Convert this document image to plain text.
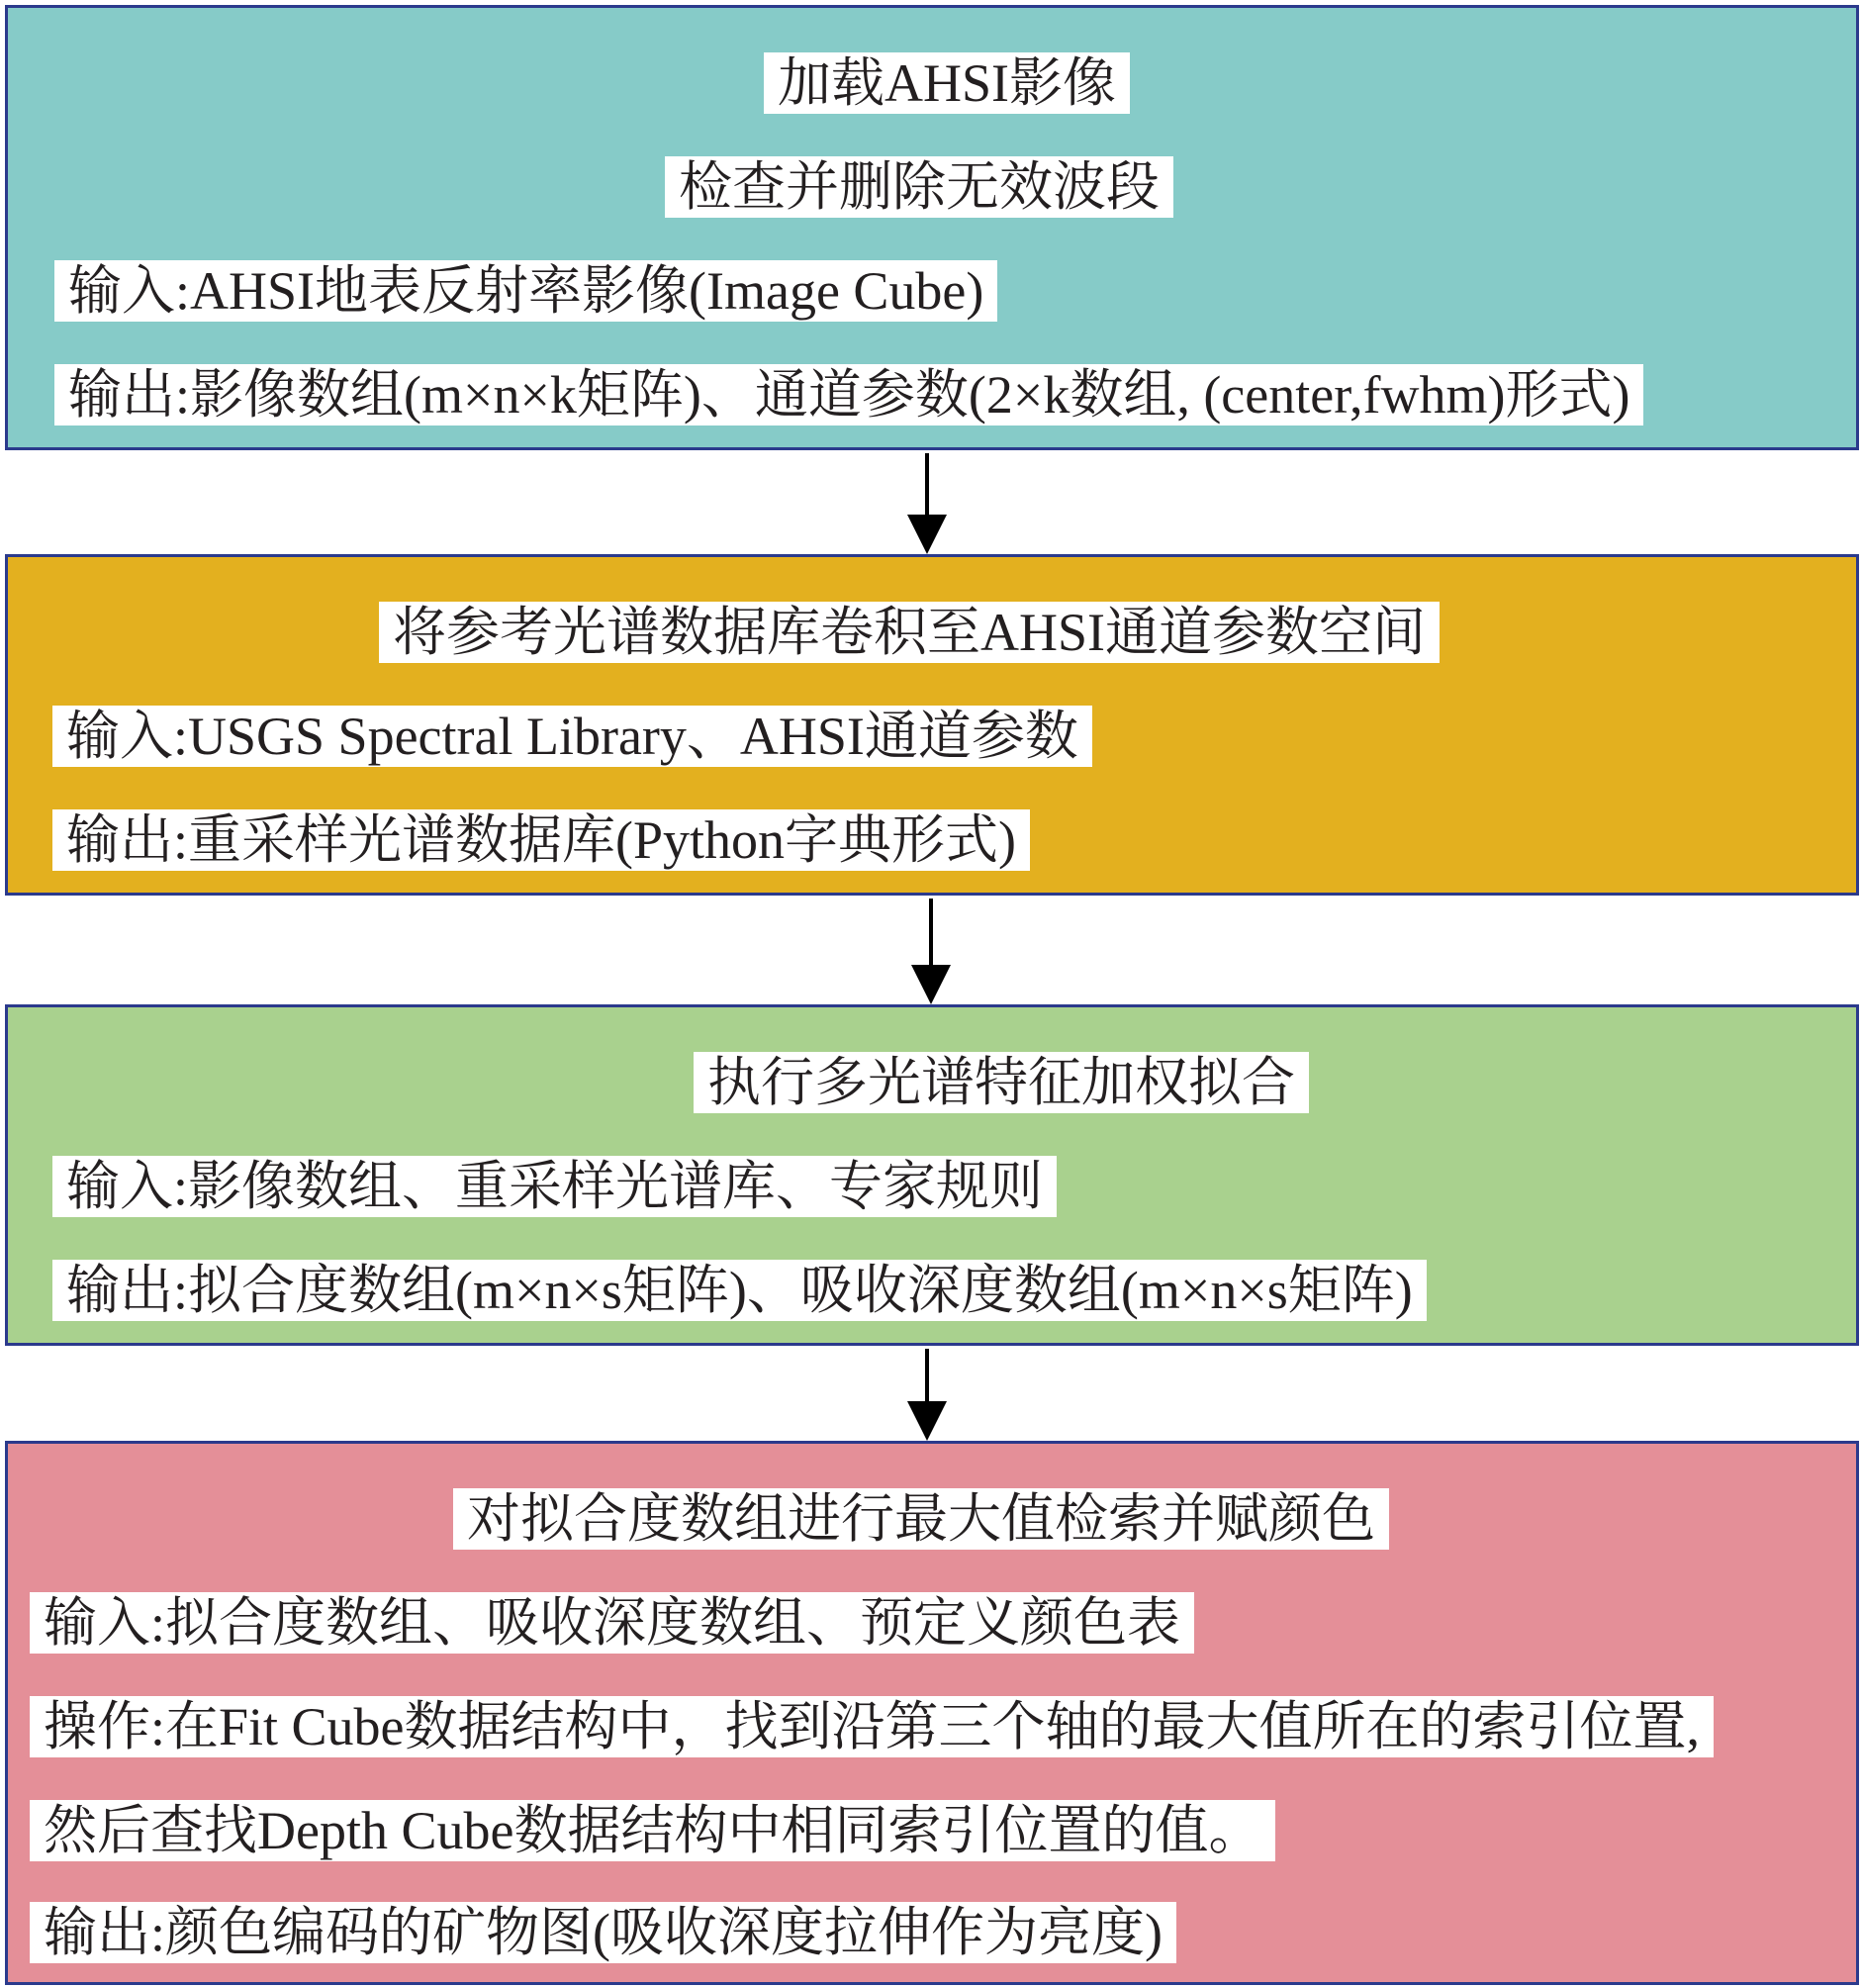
加载AHSI影像
检查并删除无效波段
输入:AHSI地表反射率影像(Image Cube)
输出:影像数组(m×n×k矩阵)、通道参数(2×k数组, (center,fwhm)形式)
将参考光谱数据库卷积至AHSI通道参数空间
输入:USGS Spectral Library、AHSI通道参数
输出:重采样光谱数据库(Python字典形式)
执行多光谱特征加权拟合
输入:影像数组、重采样光谱库、专家规则
输出:拟合度数组(m×n×s矩阵)、吸收深度数组(m×n×s矩阵)
对拟合度数组进行最大值检索并赋颜色
输入:拟合度数组、吸收深度数组、预定义颜色表
操作:在Fit Cube数据结构中，找到沿第三个轴的最大值所在的索引位置,
然后查找Depth Cube数据结构中相同索引位置的值。
输出:颜色编码的矿物图(吸收深度拉伸作为亮度)
